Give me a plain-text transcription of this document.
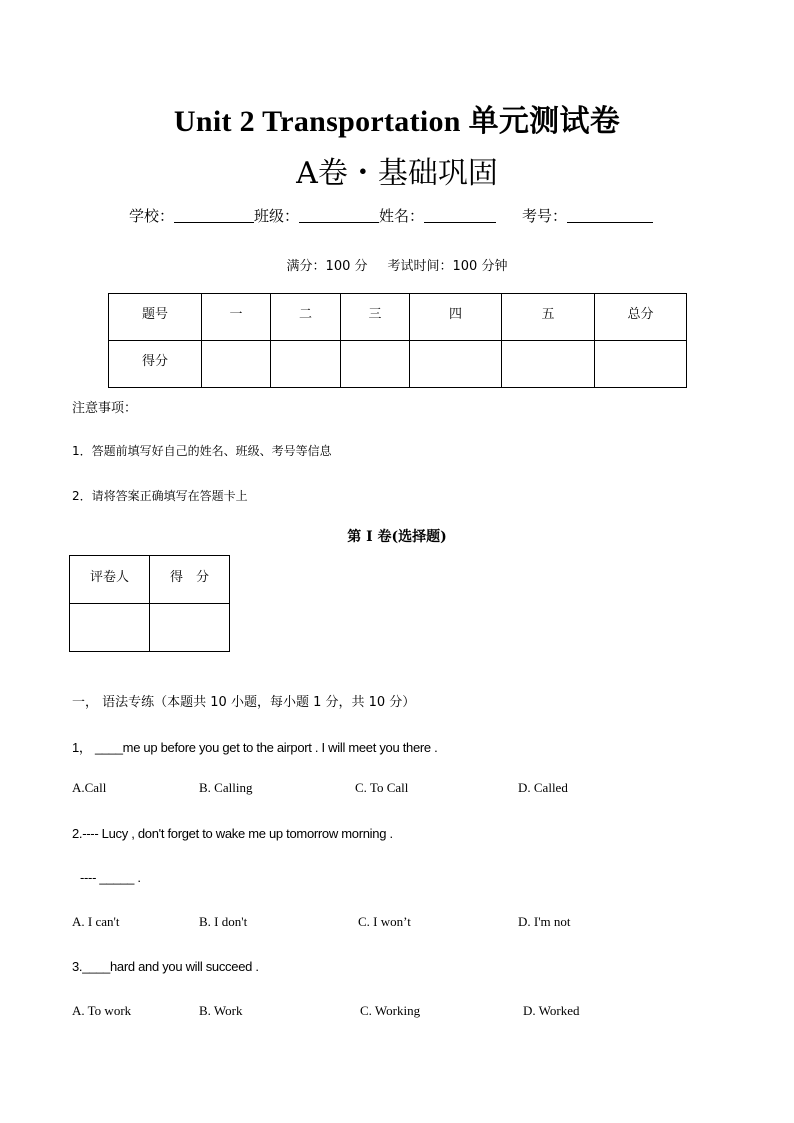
Unit 2 Transportation 单元测试卷
A卷・基础巩固
学校：	班级：	姓名：	考号：
满分：100 分 考试时间：100 分钟
题号	一	二	三	四	五	总分
得分						
注意事项：
1．答题前填写好自己的姓名、班级、考号等信息
2．请将答案正确填写在答题卡上
第 I 卷(选择题)
评卷人	得　分

一， 语法专练（本题共 10 小题，每小题 1 分，共 10 分）
1， ____me up before you get to the airport . I will meet you there .
A.Call	B. Calling	C. To Call	D. Called
2.---- Lucy , don't forget to wake me up tomorrow morning .
---- _____ .
A. I can't	B. I don't	C. I won’t	D. I'm not
3.____hard and you will succeed .
A. To work	B. Work	C. Working	D. Worked
